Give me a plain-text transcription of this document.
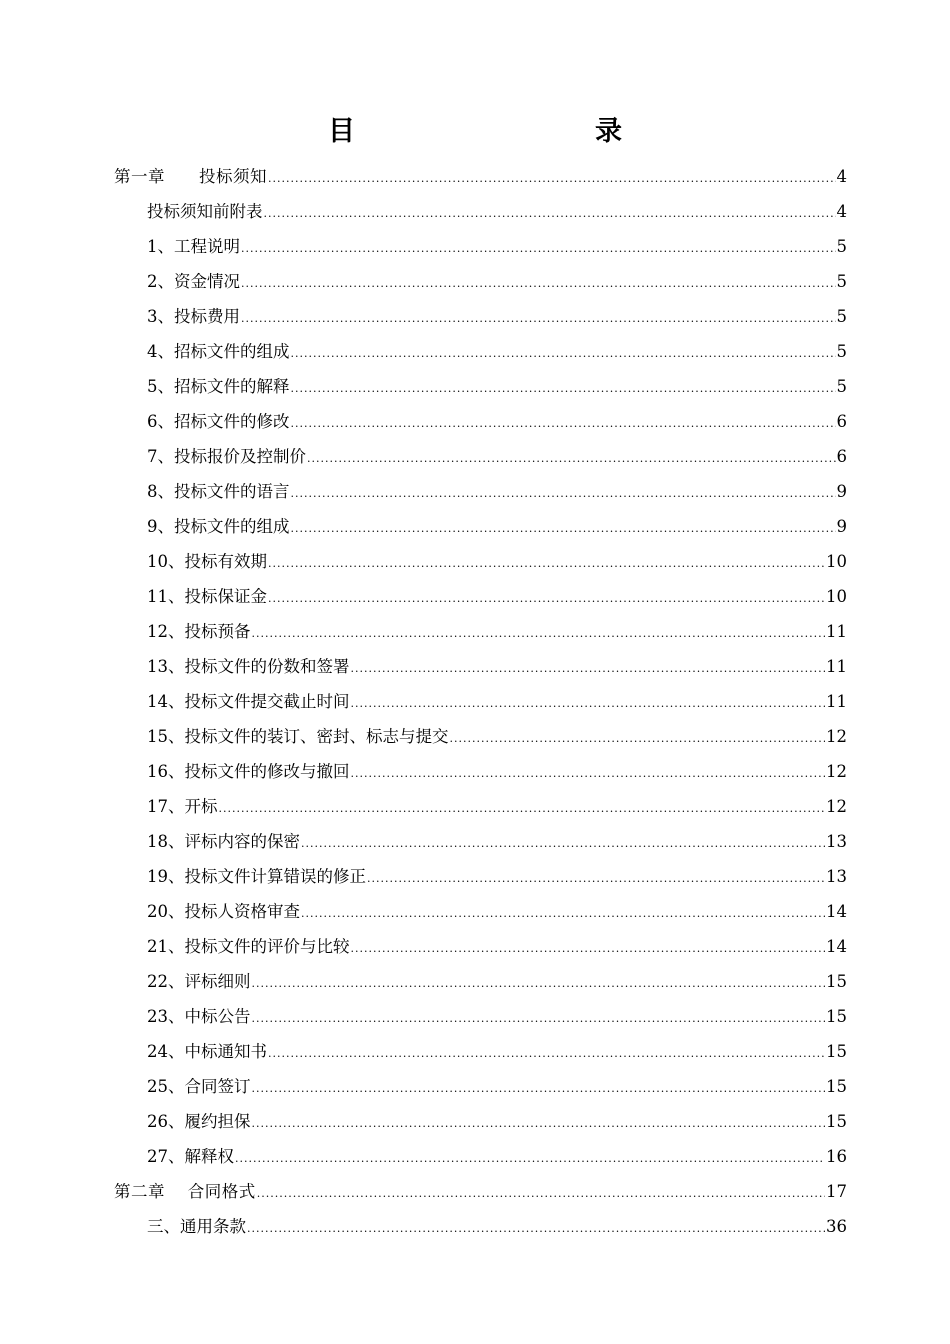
目　　录
第一章　　投标须知 .....	4
投标须知前附表 .....	4
1、工程说明 .....	5
2、资金情况 .....	5
3、投标费用 .....	5
4、招标文件的组成 .....	5
5、招标文件的解释 .....	5
6、招标文件的修改 .....	6
7、投标报价及控制价 .....	6
8、投标文件的语言 .....	9
9、投标文件的组成 .....	9
10、投标有效期 .....	10
11、投标保证金 .....	10
12、投标预备 .....	11
13、投标文件的份数和签署 .....	11
14、投标文件提交截止时间 .....	11
15、投标文件的装订、密封、标志与提交 .....	12
16、投标文件的修改与撤回 .....	12
17、开标 .....	12
18、评标内容的保密 .....	13
19、投标文件计算错误的修正 .....	13
20、投标人资格审查 .....	14
21、投标文件的评价与比较 .....	14
22、评标细则 .....	15
23、中标公告 .....	15
24、中标通知书 .....	15
25、合同签订 .....	15
26、履约担保 .....	15
27、解释权 .....	16
第二章　 合同格式 .....	17
三、通用条款 .....	36
